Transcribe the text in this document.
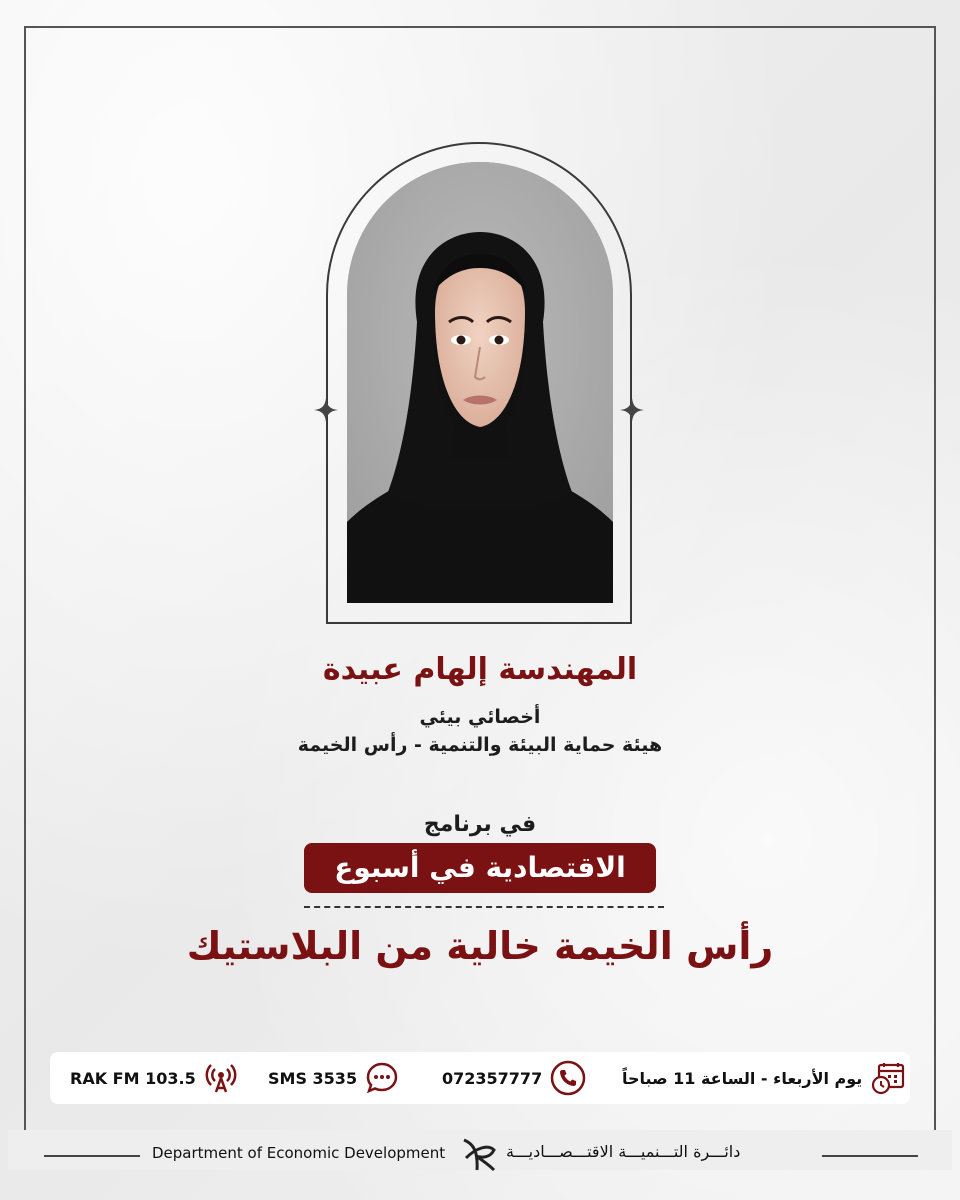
المهندسة إلهام عبيدة
أخصائي بيئي
هيئة حماية البيئة والتنمية - رأس الخيمة
في برنامج
الاقتصادية في أسبوع
رأس الخيمة خالية من البلاستيك
RAK FM 103.5	SMS 3535	072357777	يوم الأربعاء - الساعة 11 صباحاً
Department of Economic Development	دائـــرة التـــنميـــة الاقتـــصـــاديـــة
